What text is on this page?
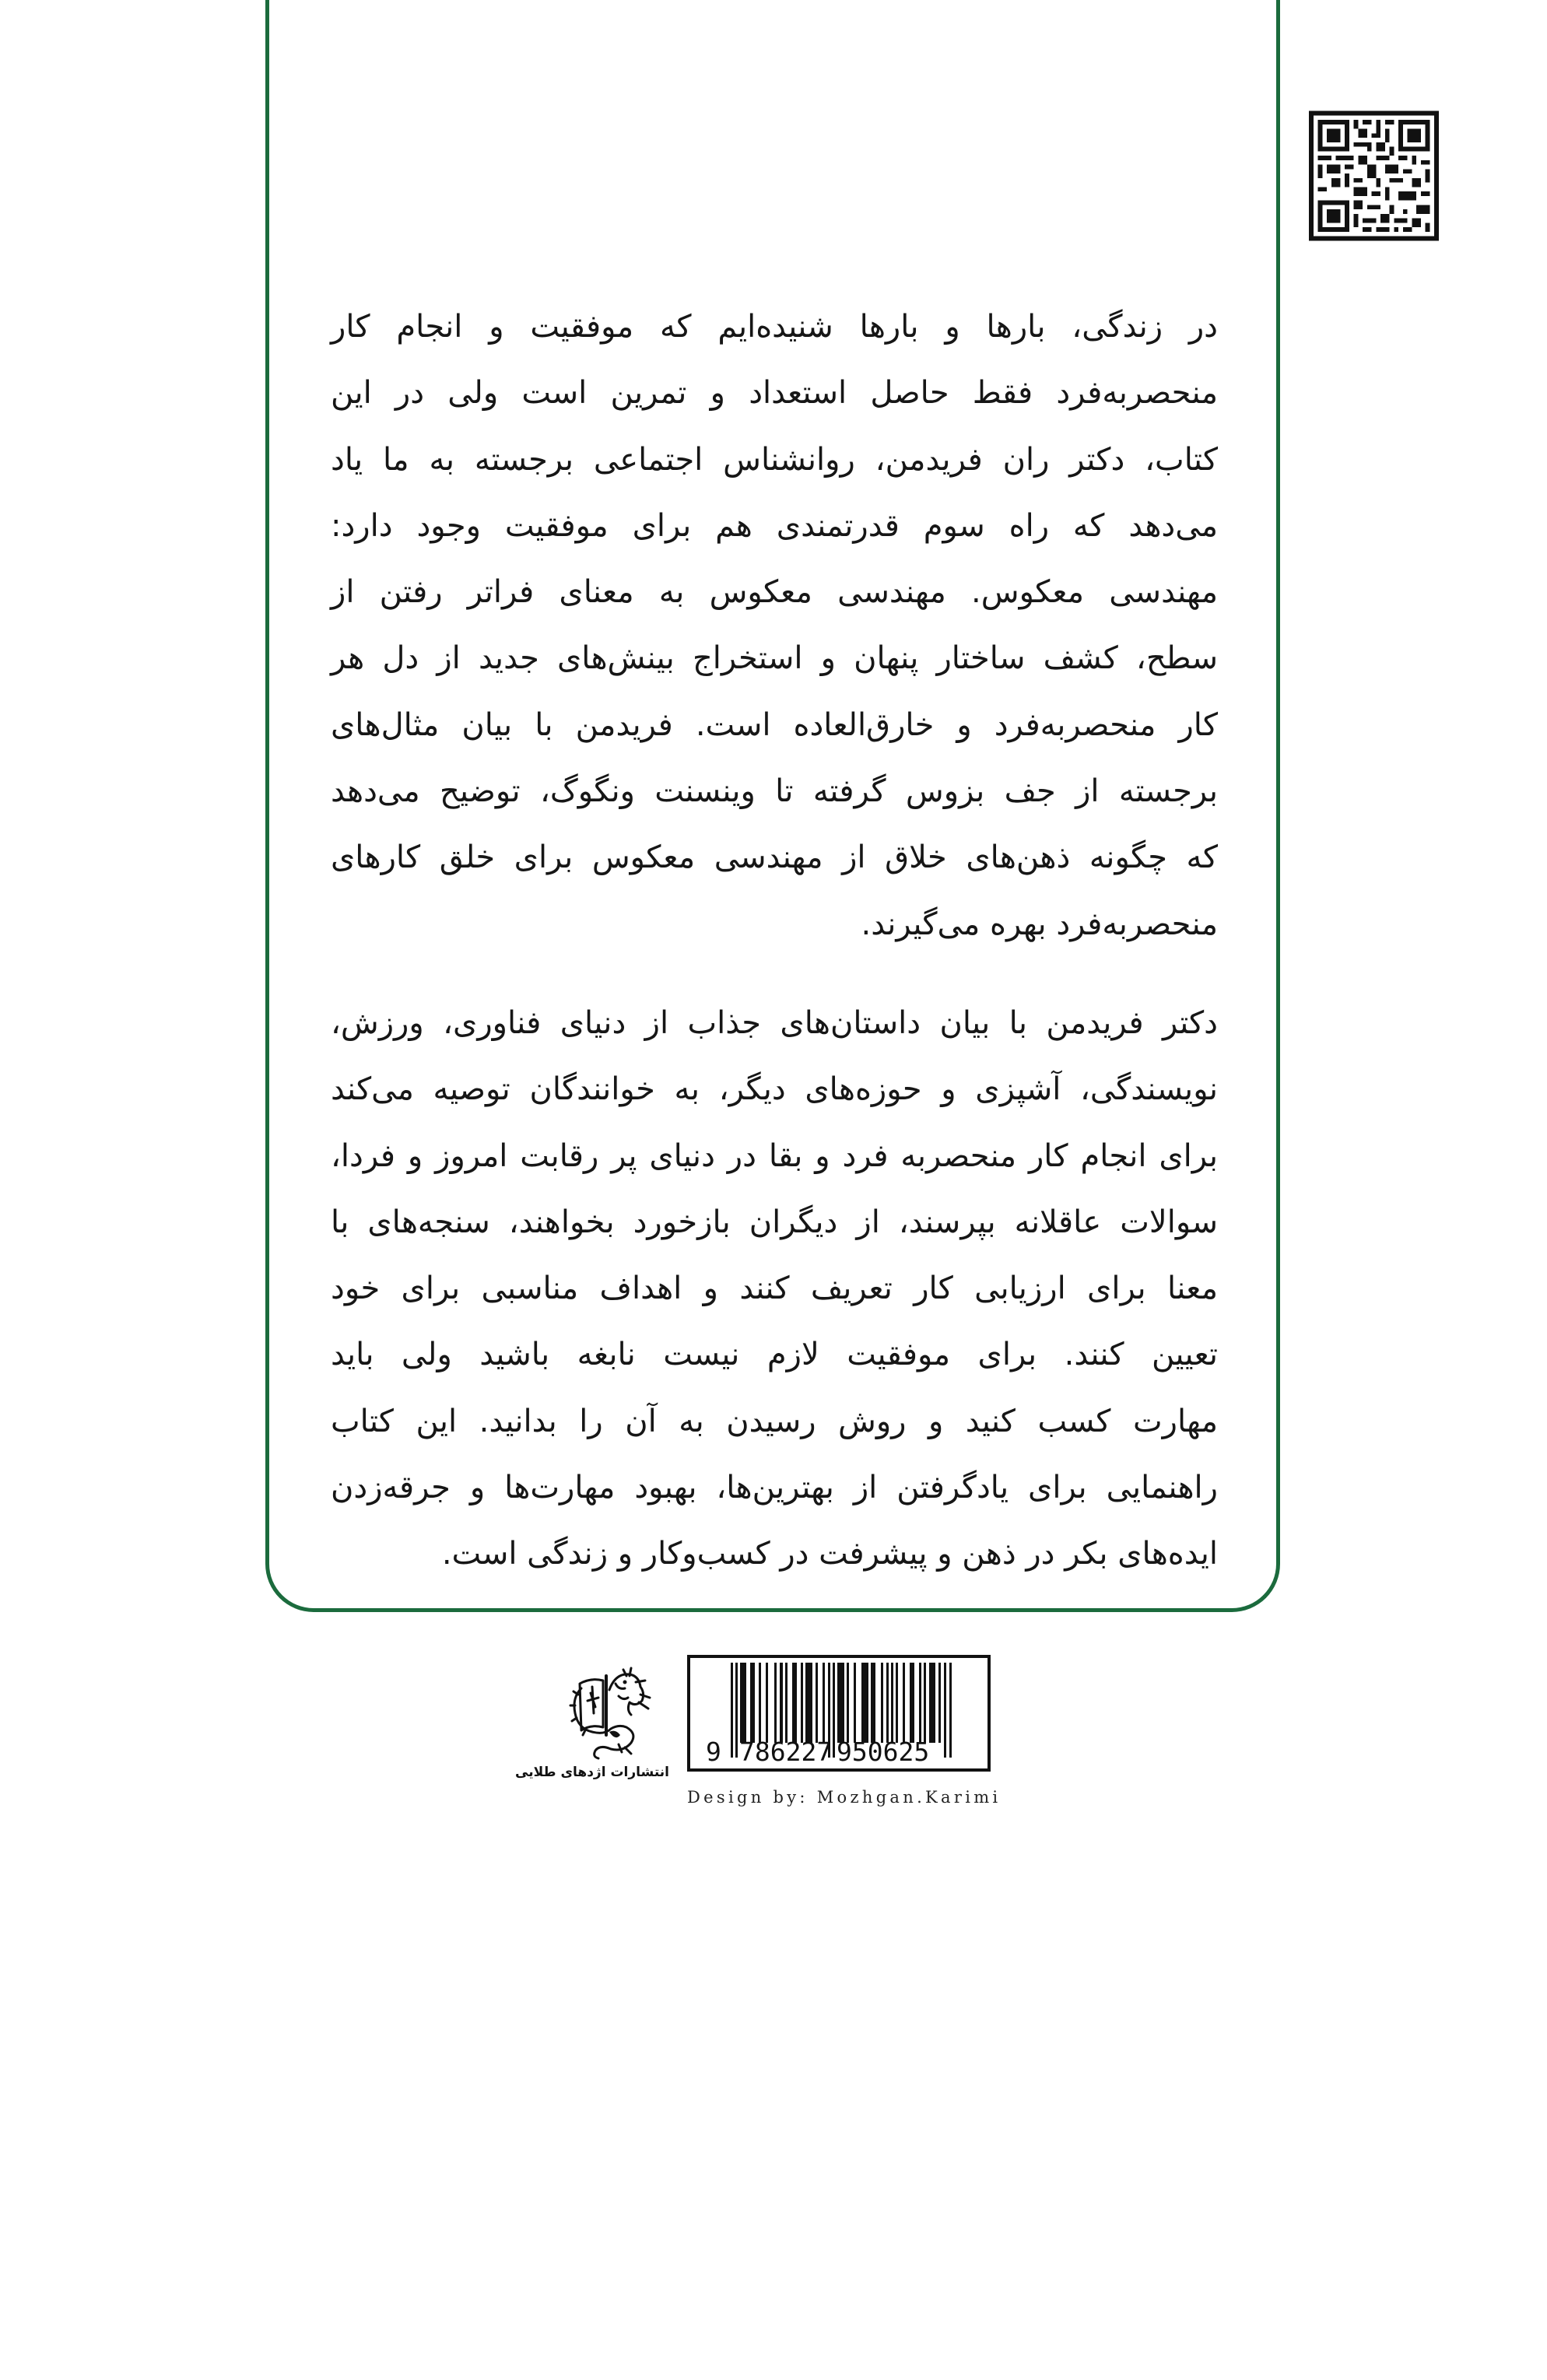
در زندگی، بارها و بارها شنیده‌ایم که موفقیت و انجام کار
منحصربه‌فرد فقط حاصل استعداد و تمرین است ولی در این
کتاب، دکتر ران فریدمن، روانشناس اجتماعی برجسته به ما یاد
می‌دهد که راه سوم قدرتمندی هم برای موفقیت وجود دارد:
مهندسی معکوس. مهندسی معکوس به معنای فراتر رفتن از
سطح، کشف ساختار پنهان و استخراج بینش‌های جدید از دل هر
کار منحصربه‌فرد و خارق‌العاده است. فریدمن با بیان مثال‌های
برجسته از جف بزوس گرفته تا وینسنت ونگوگ، توضیح می‌دهد
که چگونه ذهن‌های خلاق از مهندسی معکوس برای خلق کارهای
منحصربه‌فرد بهره می‌گیرند.
دکتر فریدمن با بیان داستان‌های جذاب از دنیای فناوری، ورزش،
نویسندگی، آشپزی و حوزه‌های دیگر، به خوانندگان توصیه می‌کند
برای انجام کار منحصربه فرد و بقا در دنیای پر رقابت امروز و فردا،
سوالات عاقلانه بپرسند، از دیگران بازخورد بخواهند، سنجه‌های با
معنا برای ارزیابی کار تعریف کنند و اهداف مناسبی برای خود
تعیین کنند. برای موفقیت لازم نیست نابغه باشید ولی باید
مهارت کسب کنید و روش رسیدن به آن را بدانید. این کتاب
راهنمایی برای یادگرفتن از بهترین‌ها، بهبود مهارت‌ها و جرقه‌زدن
ایده‌های بکر در ذهن و پیشرفت در کسب‌وکار و زندگی است.
انتشارات اژدهای طلایی
9 786227 950625
Design by: Mozhgan.Karimi
